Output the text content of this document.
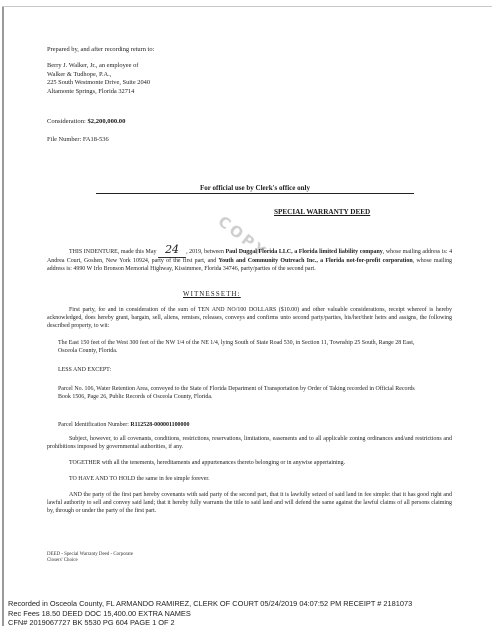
Prepared by, and after recording return to:
Berry J. Walker, Jr., an employee of
Walker & Tudhope, P.A.,
225 South Westmonte Drive, Suite 2040
Altamonte Springs, Florida 32714
Consideration: $2,200,000.00
File Number: FA18-536
For official use by Clerk's office only
SPECIAL WARRANTY DEED
COPY
THIS INDENTURE, made this May 24 , 2019, between Paul Duggal Florida LLC, a Florida limited liability company, whose mailing address is: 4 Andrea Court, Goshen, New York 10924, party of the first part, and Youth and Community Outreach Inc., a Florida not-for-profit corporation, whose mailing address is: 4990 W Irlo Bronson Memorial Highway, Kissimmee, Florida 34746, party/parties of the second part.
WITNESSETH:
First party, for and in consideration of the sum of TEN AND NO/100 DOLLARS ($10.00) and other valuable considerations, receipt whereof is hereby acknowledged, does hereby grant, bargain, sell, aliens, remises, releases, conveys and confirms unto second party/parties, his/her/their heirs and assigns, the following described property, to wit:
The East 150 feet of the West 300 feet of the NW 1/4 of the NE 1/4, lying South of State Road 530, in Section 11, Township 25 South, Range 28 East, Osceola County, Florida.
LESS AND EXCEPT:
Parcel No. 106, Water Retention Area, conveyed to the State of Florida Department of Transportation by Order of Taking recorded in Official Records Book 1506, Page 26, Public Records of Osceola County, Florida.
Parcel Identification Number: R112528-000001100000
Subject, however, to all covenants, conditions, restrictions, reservations, limitations, easements and to all applicable zoning ordinances and/and restrictions and prohibitions imposed by governmental authorities, if any.
TOGETHER with all the tenements, hereditaments and appurtenances thereto belonging or in anywise appertaining.
TO HAVE AND TO HOLD the same in fee simple forever.
AND the party of the first part hereby covenants with said party of the second part, that it is lawfully seized of said land in fee simple: that it has good right and lawful authority to sell and convey said land; that it hereby fully warrants the title to said land and will defend the same against the lawful claims of all persons claiming by, through or under the party of the first part.
DEED - Special Warranty Deed - Corporate
Closers' Choice
Recorded in Osceola County, FL ARMANDO RAMIREZ, CLERK OF COURT 05/24/2019 04:07:52 PM RECEIPT # 2181073
Rec Fees 18.50 DEED DOC 15,400.00 EXTRA NAMES
CFN# 2019067727 BK 5530 PG 604 PAGE 1 OF 2
